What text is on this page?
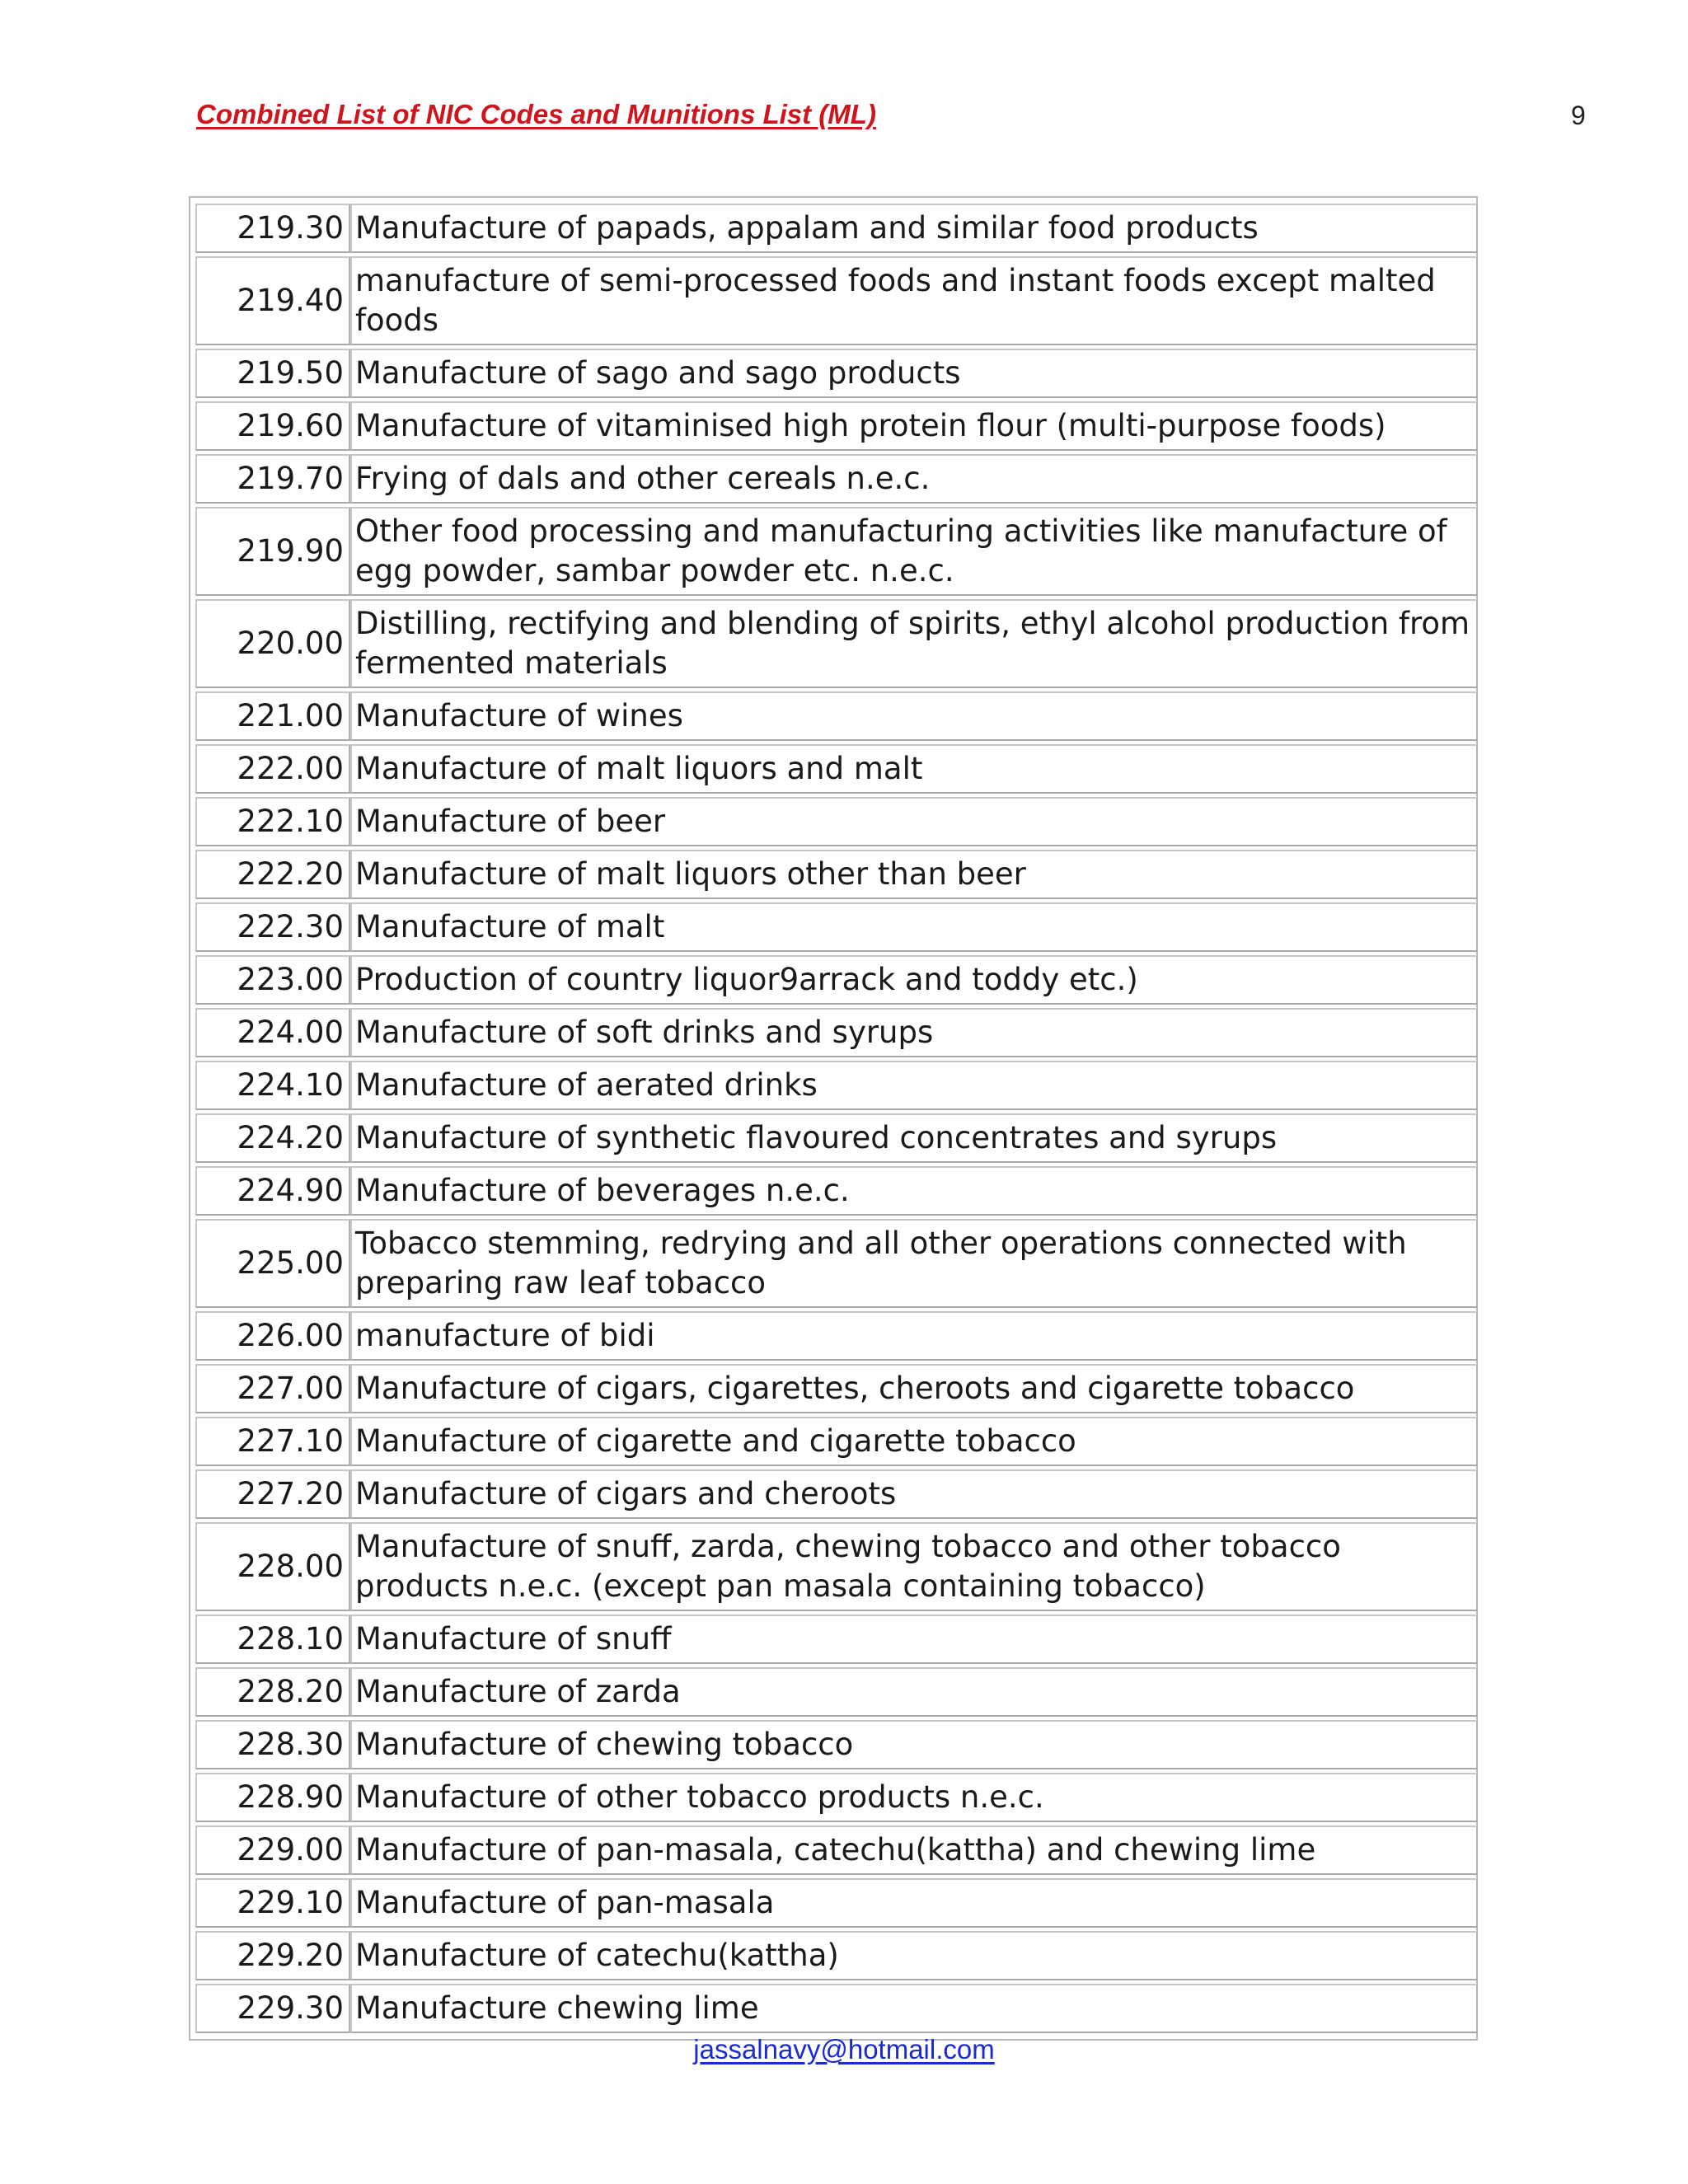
Combined List of NIC Codes and Munitions List (ML)	9
219.30	Manufacture of papads, appalam and similar food products
219.40	manufacture of semi-processed foods and instant foods except malted foods
219.50	Manufacture of sago and sago products
219.60	Manufacture of vitaminised high protein flour (multi-purpose foods)
219.70	Frying of dals and other cereals n.e.c.
219.90	Other food processing and manufacturing activities like manufacture of egg powder, sambar powder etc. n.e.c.
220.00	Distilling, rectifying and blending of spirits, ethyl alcohol production from fermented materials
221.00	Manufacture of wines
222.00	Manufacture of malt liquors and malt
222.10	Manufacture of beer
222.20	Manufacture of malt liquors other than beer
222.30	Manufacture of malt
223.00	Production of country liquor9arrack and toddy etc.)
224.00	Manufacture of soft drinks and syrups
224.10	Manufacture of aerated drinks
224.20	Manufacture of synthetic flavoured concentrates and syrups
224.90	Manufacture of beverages n.e.c.
225.00	Tobacco stemming, redrying and all other operations connected with preparing raw leaf tobacco
226.00	manufacture of bidi
227.00	Manufacture of cigars, cigarettes, cheroots and cigarette tobacco
227.10	Manufacture of cigarette and cigarette tobacco
227.20	Manufacture of cigars and cheroots
228.00	Manufacture of snuff, zarda, chewing tobacco and other tobacco products n.e.c. (except pan masala containing tobacco)
228.10	Manufacture of snuff
228.20	Manufacture of zarda
228.30	Manufacture of chewing tobacco
228.90	Manufacture of other tobacco products n.e.c.
229.00	Manufacture of pan-masala, catechu(kattha) and chewing lime
229.10	Manufacture of pan-masala
229.20	Manufacture of catechu(kattha)
229.30	Manufacture chewing lime
jassalnavy@hotmail.com
